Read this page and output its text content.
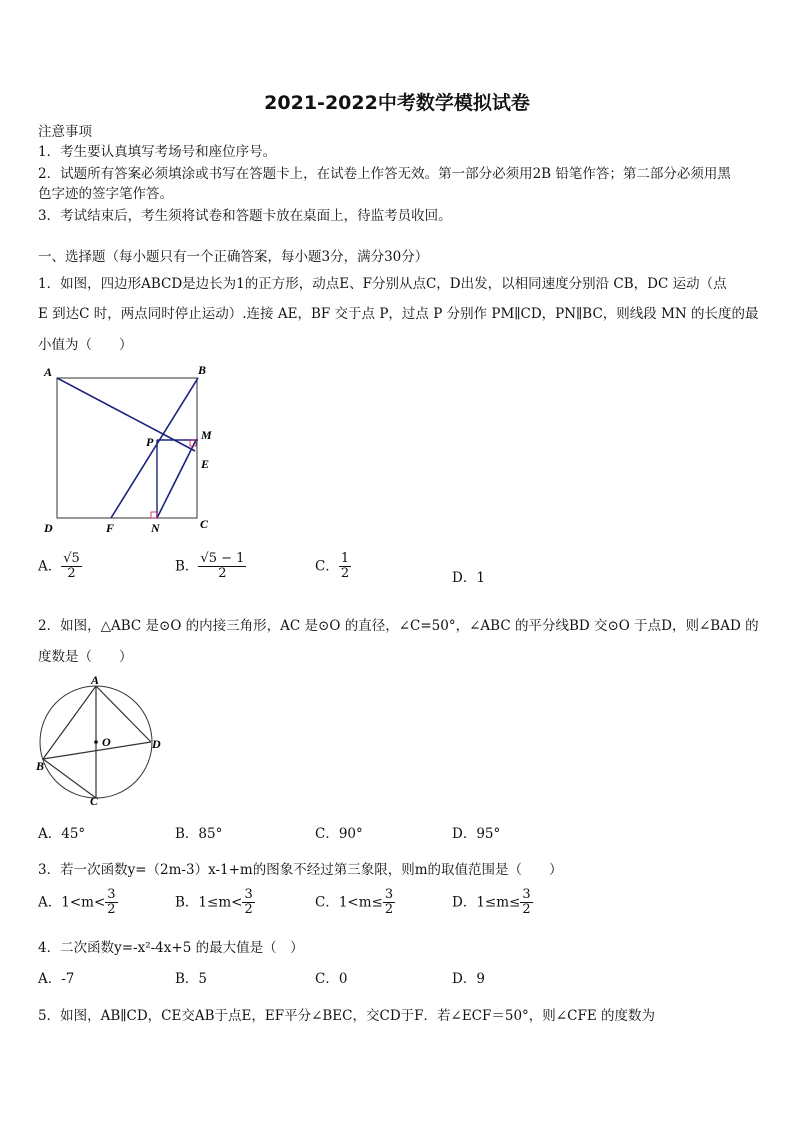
2021-2022中考数学模拟试卷
注意事项
1．考生要认真填写考场号和座位序号。
2．试题所有答案必须填涂或书写在答题卡上，在试卷上作答无效。第一部分必须用2B 铅笔作答；第二部分必须用黑
色字迹的签字笔作答。
3．考试结束后，考生须将试卷和答题卡放在桌面上，待监考员收回。
一、选择题（每小题只有一个正确答案，每小题3分，满分30分）
1．如图，四边形ABCD是边长为1的正方形，动点E、F分别从点C，D出发，以相同速度分别沿 CB，DC 运动（点
E 到达C 时，两点同时停止运动）.连接 AE，BF 交于点 P，过点 P 分别作 PM∥CD，PN∥BC，则线段 MN 的长度的最
小值为（　　）
A	B
C
D
P	M
E
F	N
A． $\frac{√5}{2}$	B． $\frac{√5 - 1}{2}$	C． $\frac{1}{2}$	D．1
2．如图，△ABC 是⊙O 的内接三角形，AC 是⊙O 的直径，∠C=50°，∠ABC 的平分线BD 交⊙O 于点D，则∠BAD 的
度数是（　　）
A
O	D
B
C
A．45°	B．85°	C．90°	D．95°
3．若一次函数y=（2m-3）x-1+m的图象不经过第三象限，则m的取值范围是（　　）
A．$1<m< \frac{3}{2}$	B．$1\le m< \frac{3}{2}$	C．$1<m\le \frac{3}{2}$	D．$1\le m\le \frac{3}{2}$
4．二次函数y=-x²-4x+5 的最大值是（　）
A．-7	B．5	C．0	D．9
5．如图，AB∥CD，CE交AB于点E，EF平分∠BEC，交CD于F．若∠ECF＝50°，则∠CFE 的度数为
